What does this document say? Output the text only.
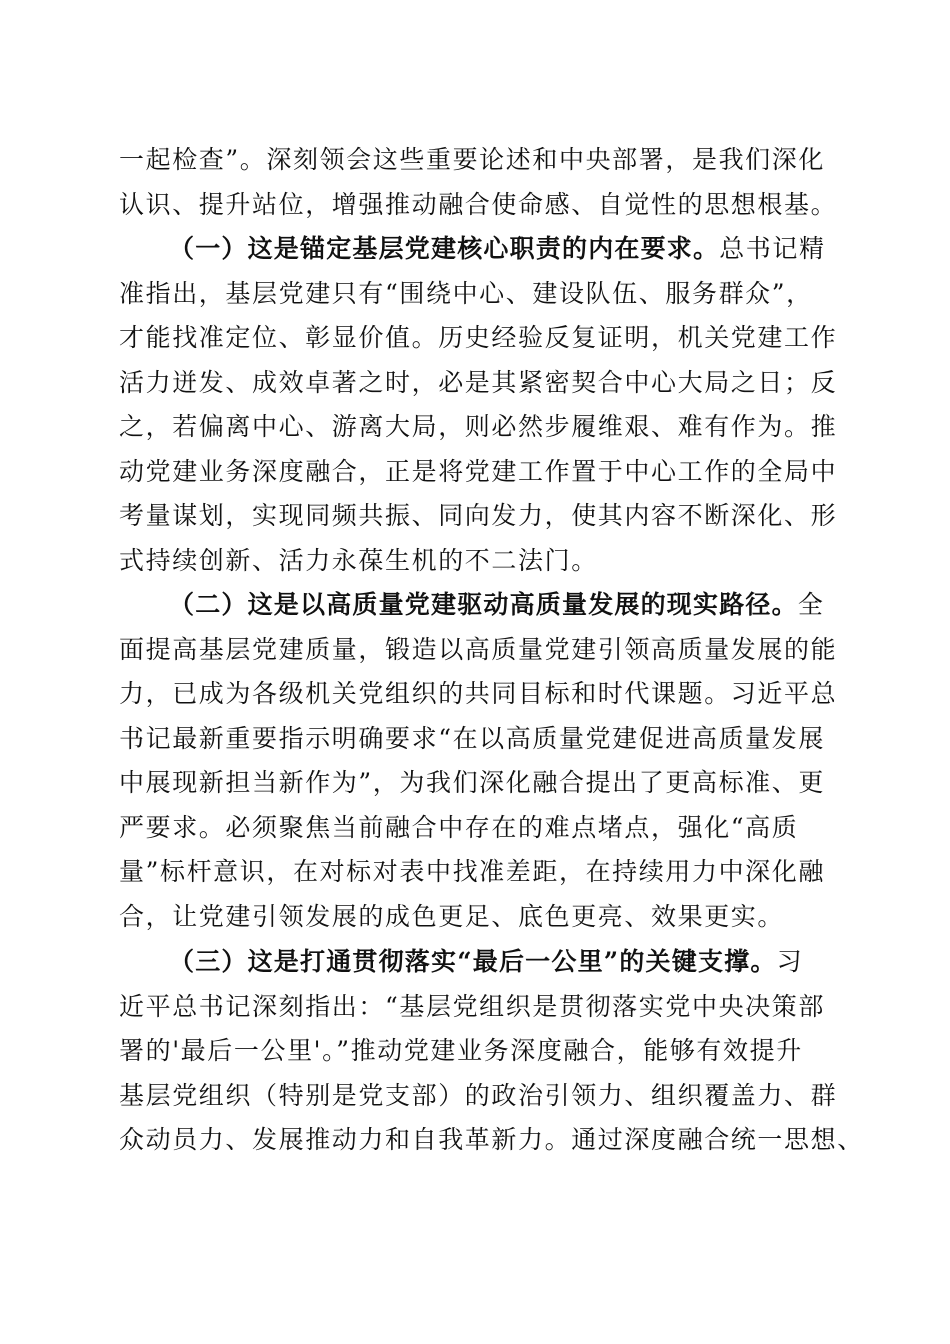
一起检查”。深刻领会这些重要论述和中央部署，是我们深化
认识、提升站位，增强推动融合使命感、自觉性的思想根基。
（一）这是锚定基层党建核心职责的内在要求。总书记精
准指出，基层党建只有“围绕中心、建设队伍、服务群众”，
才能找准定位、彰显价值。历史经验反复证明，机关党建工作
活力迸发、成效卓著之时，必是其紧密契合中心大局之日；反
之，若偏离中心、游离大局，则必然步履维艰、难有作为。推
动党建业务深度融合，正是将党建工作置于中心工作的全局中
考量谋划，实现同频共振、同向发力，使其内容不断深化、形
式持续创新、活力永葆生机的不二法门。
（二）这是以高质量党建驱动高质量发展的现实路径。全
面提高基层党建质量，锻造以高质量党建引领高质量发展的能
力，已成为各级机关党组织的共同目标和时代课题。习近平总
书记最新重要指示明确要求“在以高质量党建促进高质量发展
中展现新担当新作为”，为我们深化融合提出了更高标准、更
严要求。必须聚焦当前融合中存在的难点堵点，强化“高质
量”标杆意识，在对标对表中找准差距，在持续用力中深化融
合，让党建引领发展的成色更足、底色更亮、效果更实。
（三）这是打通贯彻落实“最后一公里”的关键支撑。习
近平总书记深刻指出：“基层党组织是贯彻落实党中央决策部
署的'最后一公里'。”推动党建业务深度融合，能够有效提升
基层党组织（特别是党支部）的政治引领力、组织覆盖力、群
众动员力、发展推动力和自我革新力。通过深度融合统一思想、
